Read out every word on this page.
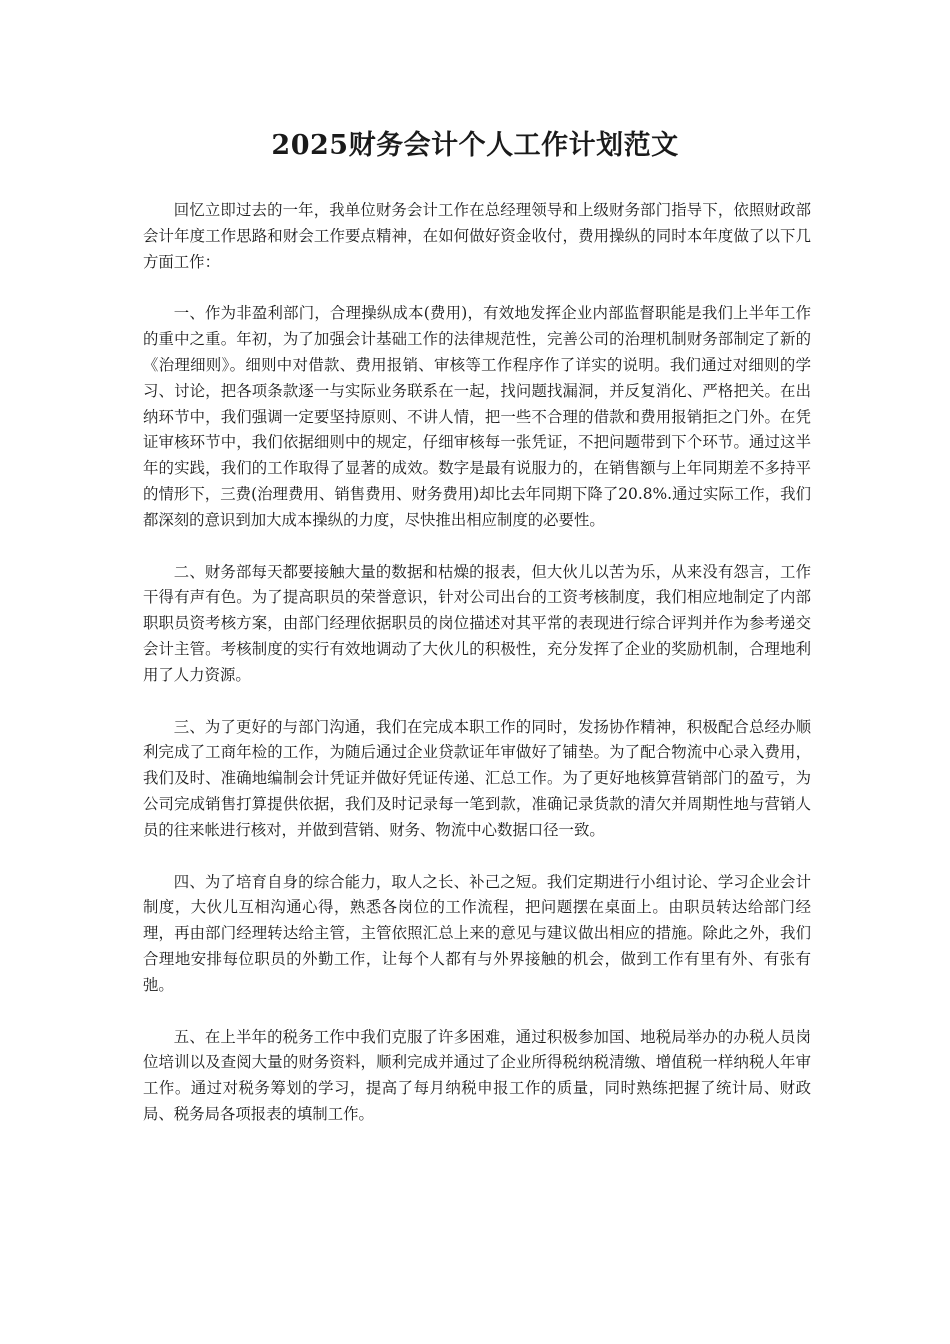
2025财务会计个人工作计划范文

回忆立即过去的一年，我单位财务会计工作在总经理领导和上级财务部门指导下，依照财政部会计年度工作思路和财会工作要点精神，在如何做好资金收付，费用操纵的同时本年度做了以下几方面工作：

一、作为非盈利部门，合理操纵成本(费用)，有效地发挥企业内部监督职能是我们上半年工作的重中之重。年初，为了加强会计基础工作的法律规范性，完善公司的治理机制财务部制定了新的《治理细则》。细则中对借款、费用报销、审核等工作程序作了详实的说明。我们通过对细则的学习、讨论，把各项条款逐一与实际业务联系在一起，找问题找漏洞，并反复消化、严格把关。在出纳环节中，我们强调一定要坚持原则、不讲人情，把一些不合理的借款和费用报销拒之门外。在凭证审核环节中，我们依据细则中的规定，仔细审核每一张凭证，不把问题带到下个环节。通过这半年的实践，我们的工作取得了显著的成效。数字是最有说服力的，在销售额与上年同期差不多持平的情形下，三费(治理费用、销售费用、财务费用)却比去年同期下降了20.8%.通过实际工作，我们都深刻的意识到加大成本操纵的力度，尽快推出相应制度的必要性。

二、财务部每天都要接触大量的数据和枯燥的报表，但大伙儿以苦为乐，从来没有怨言，工作干得有声有色。为了提高职员的荣誉意识，针对公司出台的工资考核制度，我们相应地制定了内部职职员资考核方案，由部门经理依据职员的岗位描述对其平常的表现进行综合评判并作为参考递交会计主管。考核制度的实行有效地调动了大伙儿的积极性，充分发挥了企业的奖励机制，合理地利用了人力资源。

三、为了更好的与部门沟通，我们在完成本职工作的同时，发扬协作精神，积极配合总经办顺利完成了工商年检的工作，为随后通过企业贷款证年审做好了铺垫。为了配合物流中心录入费用，我们及时、准确地编制会计凭证并做好凭证传递、汇总工作。为了更好地核算营销部门的盈亏，为公司完成销售打算提供依据，我们及时记录每一笔到款，准确记录货款的清欠并周期性地与营销人员的往来帐进行核对，并做到营销、财务、物流中心数据口径一致。

四、为了培育自身的综合能力，取人之长、补己之短。我们定期进行小组讨论、学习企业会计制度，大伙儿互相沟通心得，熟悉各岗位的工作流程，把问题摆在桌面上。由职员转达给部门经理，再由部门经理转达给主管，主管依照汇总上来的意见与建议做出相应的措施。除此之外，我们合理地安排每位职员的外勤工作，让每个人都有与外界接触的机会，做到工作有里有外、有张有弛。

五、在上半年的税务工作中我们克服了许多困难，通过积极参加国、地税局举办的办税人员岗位培训以及查阅大量的财务资料，顺利完成并通过了企业所得税纳税清缴、增值税一样纳税人年审工作。通过对税务筹划的学习，提高了每月纳税申报工作的质量，同时熟练把握了统计局、财政局、税务局各项报表的填制工作。
